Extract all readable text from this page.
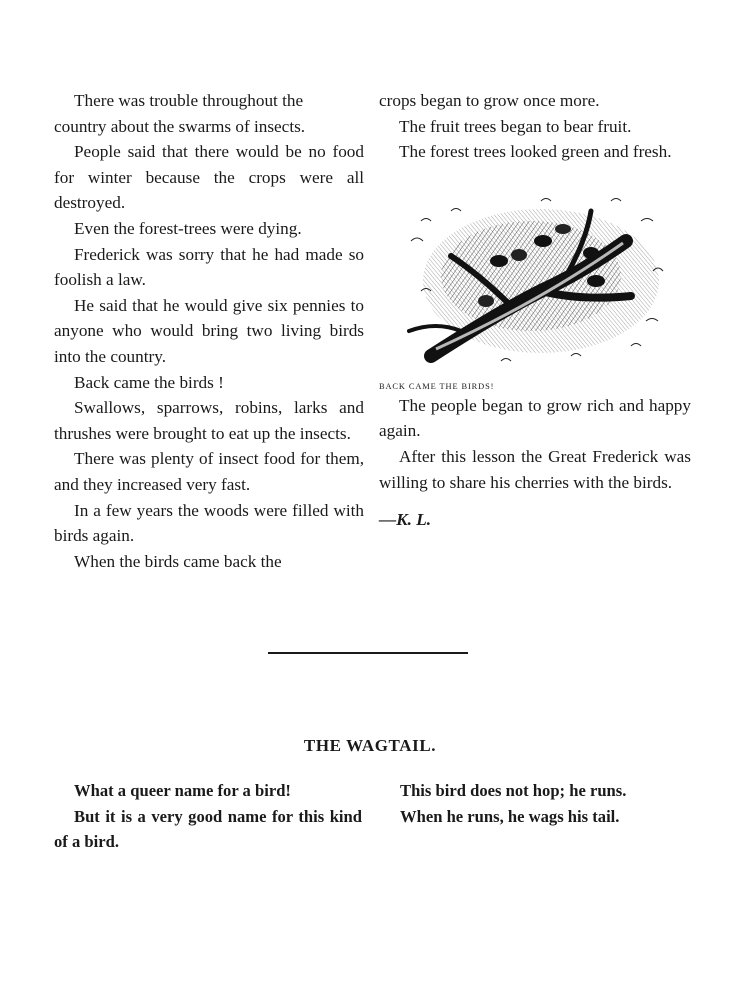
There was trouble throughout the

country about the swarms of insects.

People said that there would be no food for winter because the crops were all destroyed.

Even the forest-trees were dying.

Frederick was sorry that he had made so foolish a law.

He said that he would give six pennies to anyone who would bring two living birds into the country.

Back came the birds !

Swallows, sparrows, robins, larks and thrushes were brought to eat up the insects.

There was plenty of insect food for them, and they increased very fast.

In a few years the woods were filled with birds again.

When the birds came back the

crops began to grow once more.

The fruit trees began to bear fruit.

The forest trees looked green and fresh.

BACK CAME THE BIRDS!

The people began to grow rich and happy again.

After this lesson the Great Frederick was willing to share his cherries with the birds.

—K. L.

THE WAGTAIL.

What a queer name for a bird!

But it is a very good name for this kind of a bird.

This bird does not hop; he runs.

When he runs, he wags his tail.
